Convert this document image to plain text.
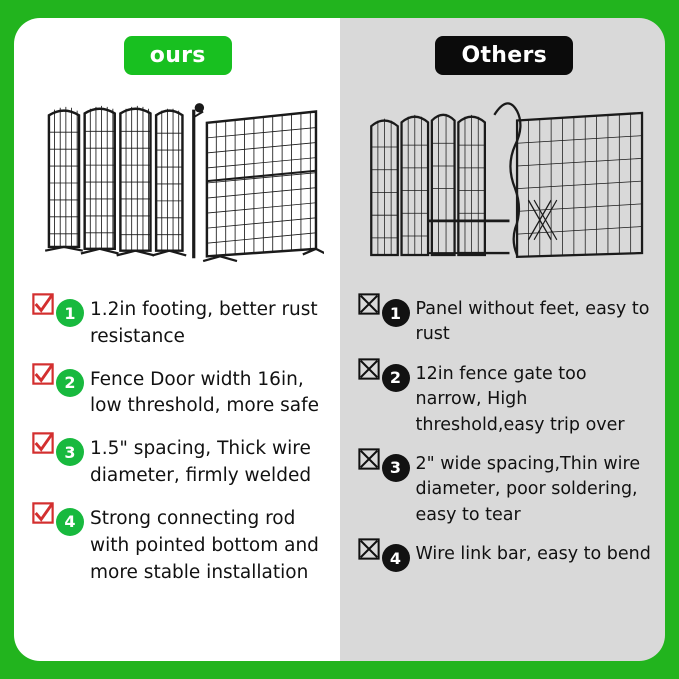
ours
1 1.2in footing, better rust resistance
2 Fence Door width 16in, low threshold, more safe
3 1.5" spacing, Thick wire diameter, firmly welded
4 Strong connecting rod with pointed bottom and more stable installation
Others
1 Panel without feet, easy to rust
2 12in fence gate too narrow, High threshold,easy trip over
3 2" wide spacing,Thin wire diameter, poor soldering, easy to tear
4 Wire link bar, easy to bend
